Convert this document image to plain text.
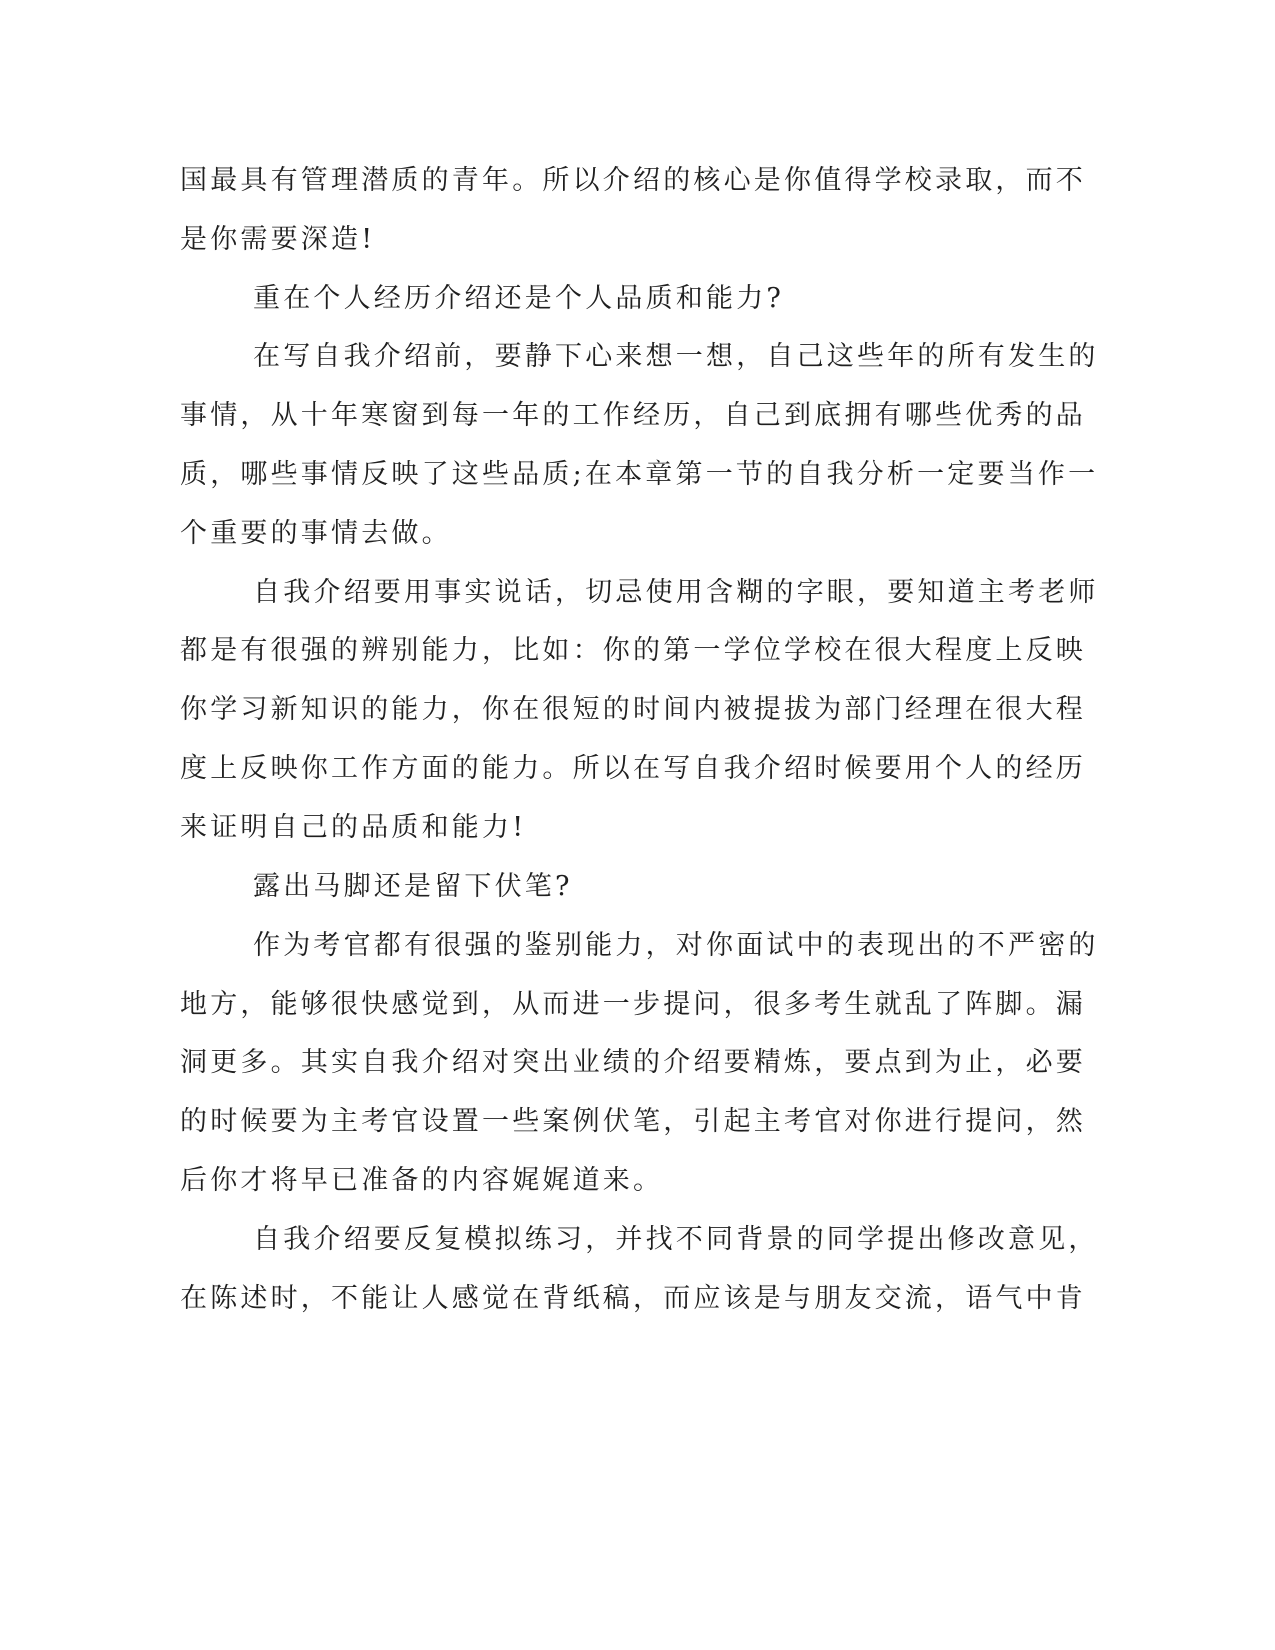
国最具有管理潜质的青年。所以介绍的核心是你值得学校录取，而不
是你需要深造!
重在个人经历介绍还是个人品质和能力?
在写自我介绍前，要静下心来想一想，自己这些年的所有发生的
事情，从十年寒窗到每一年的工作经历，自己到底拥有哪些优秀的品
质，哪些事情反映了这些品质;在本章第一节的自我分析一定要当作一
个重要的事情去做。
自我介绍要用事实说话，切忌使用含糊的字眼，要知道主考老师
都是有很强的辨别能力，比如：你的第一学位学校在很大程度上反映
你学习新知识的能力，你在很短的时间内被提拔为部门经理在很大程
度上反映你工作方面的能力。所以在写自我介绍时候要用个人的经历
来证明自己的品质和能力!
露出马脚还是留下伏笔?
作为考官都有很强的鉴别能力，对你面试中的表现出的不严密的
地方，能够很快感觉到，从而进一步提问，很多考生就乱了阵脚。漏
洞更多。其实自我介绍对突出业绩的介绍要精炼，要点到为止，必要
的时候要为主考官设置一些案例伏笔，引起主考官对你进行提问，然
后你才将早已准备的内容娓娓道来。
自我介绍要反复模拟练习，并找不同背景的同学提出修改意见，
在陈述时，不能让人感觉在背纸稿，而应该是与朋友交流，语气中肯
